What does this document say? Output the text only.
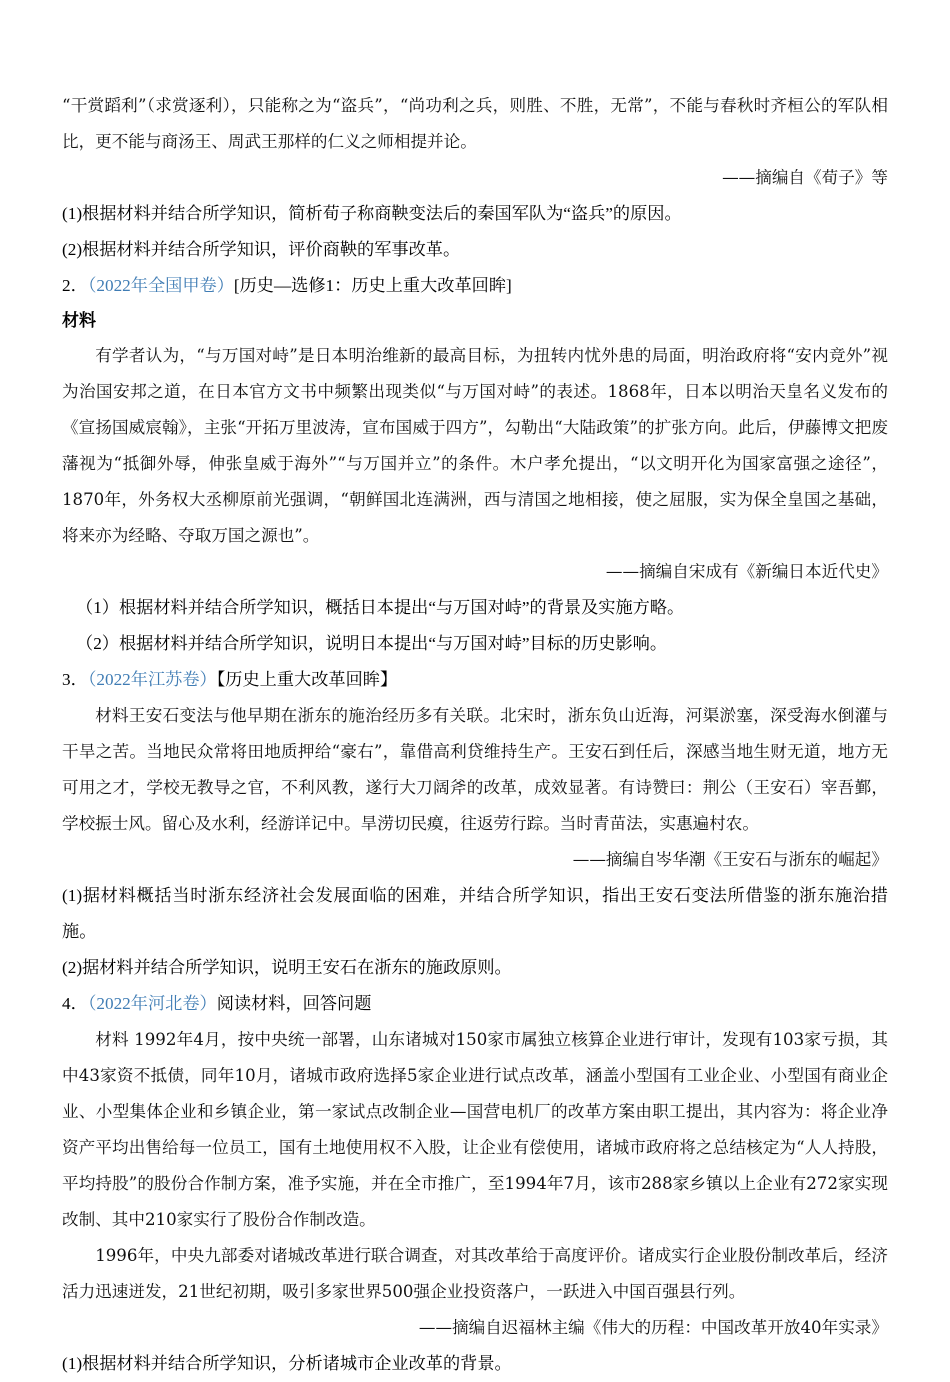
“干赏蹈利”（求赏逐利），只能称之为“盗兵”，“尚功利之兵，则胜、不胜，无常”，不能与春秋时齐桓公的军队相比，更不能与商汤王、周武王那样的仁义之师相提并论。
——摘编自《荀子》等
(1)根据材料并结合所学知识，简析荀子称商鞅变法后的秦国军队为“盗兵”的原因。
(2)根据材料并结合所学知识，评价商鞅的军事改革。
2．（2022年全国甲卷）[历史—选修1：历史上重大改革回眸]
材料
有学者认为，“与万国对峙”是日本明治维新的最高目标，为扭转内忧外患的局面，明治政府将“安内竞外”视为治国安邦之道，在日本官方文书中频繁出现类似“与万国对峙”的表述。1868年，日本以明治天皇名义发布的《宣扬国威宸翰》，主张“开拓万里波涛，宣布国威于四方”，勾勒出“大陆政策”的扩张方向。此后，伊藤博文把废藩视为“抵御外辱，伸张皇威于海外”“与万国并立”的条件。木户孝允提出，“以文明开化为国家富强之途径”，1870年，外务权大丞柳原前光强调，“朝鲜国北连满洲，西与清国之地相接，使之屈服，实为保全皇国之基础，将来亦为经略、夺取万国之源也”。
——摘编自宋成有《新编日本近代史》
（1）根据材料并结合所学知识，概括日本提出“与万国对峙”的背景及实施方略。
（2）根据材料并结合所学知识，说明日本提出“与万国对峙”目标的历史影响。
3．（2022年江苏卷）【历史上重大改革回眸】
材料王安石变法与他早期在浙东的施治经历多有关联。北宋时，浙东负山近海，河渠淤塞，深受海水倒灌与干旱之苦。当地民众常将田地质押给“豪右”，靠借高利贷维持生产。王安石到任后，深感当地生财无道，地方无可用之才，学校无教导之官，不利风教，遂行大刀阔斧的改革，成效显著。有诗赞曰：荆公（王安石）宰吾鄞，学校振士风。留心及水利，经游详记中。旱涝切民瘼，往返劳行踪。当时青苗法，实惠遍村农。
——摘编自岑华潮《王安石与浙东的崛起》
(1)据材料概括当时浙东经济社会发展面临的困难，并结合所学知识，指出王安石变法所借鉴的浙东施治措施。
(2)据材料并结合所学知识，说明王安石在浙东的施政原则。
4．（2022年河北卷）阅读材料，回答问题
材料 1992年4月，按中央统一部署，山东诸城对150家市属独立核算企业进行审计，发现有103家亏损，其中43家资不抵债，同年10月，诸城市政府选择5家企业进行试点改革，涵盖小型国有工业企业、小型国有商业企业、小型集体企业和乡镇企业，第一家试点改制企业—国营电机厂的改革方案由职工提出，其内容为：将企业净资产平均出售给每一位员工，国有土地使用权不入股，让企业有偿使用，诸城市政府将之总结核定为“人人持股，平均持股”的股份合作制方案，准予实施，并在全市推广，至1994年7月，该市288家乡镇以上企业有272家实现改制、其中210家实行了股份合作制改造。
1996年，中央九部委对诸城改革进行联合调查，对其改革给于高度评价。诸成实行企业股份制改革后，经济活力迅速迸发，21世纪初期，吸引多家世界500强企业投资落户，一跃进入中国百强县行列。
——摘编自迟福林主编《伟大的历程：中国改革开放40年实录》
(1)根据材料并结合所学知识，分析诸城市企业改革的背景。
